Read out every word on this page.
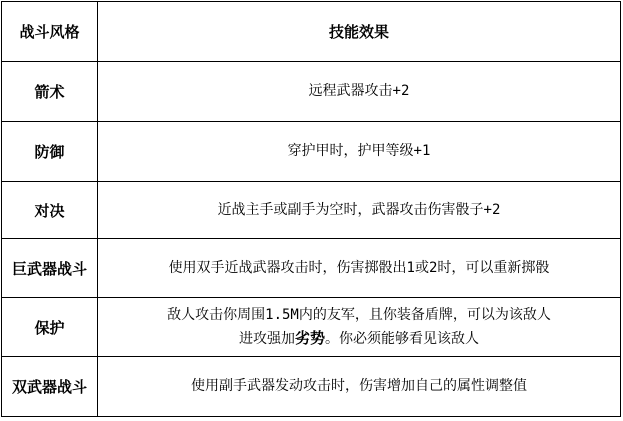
战斗风格	技能效果
箭术	远程武器攻击+2
防御	穿护甲时，护甲等级+1
对决	近战主手或副手为空时，武器攻击伤害骰子+2
巨武器战斗	使用双手近战武器攻击时，伤害掷骰出1或2时，可以重新掷骰
保护	敌人攻击你周围1.5M内的友军，且你装备盾牌，可以为该敌人
进攻强加劣势。你必须能够看见该敌人

双武器战斗	使用副手武器发动攻击时，伤害增加自己的属性调整值
